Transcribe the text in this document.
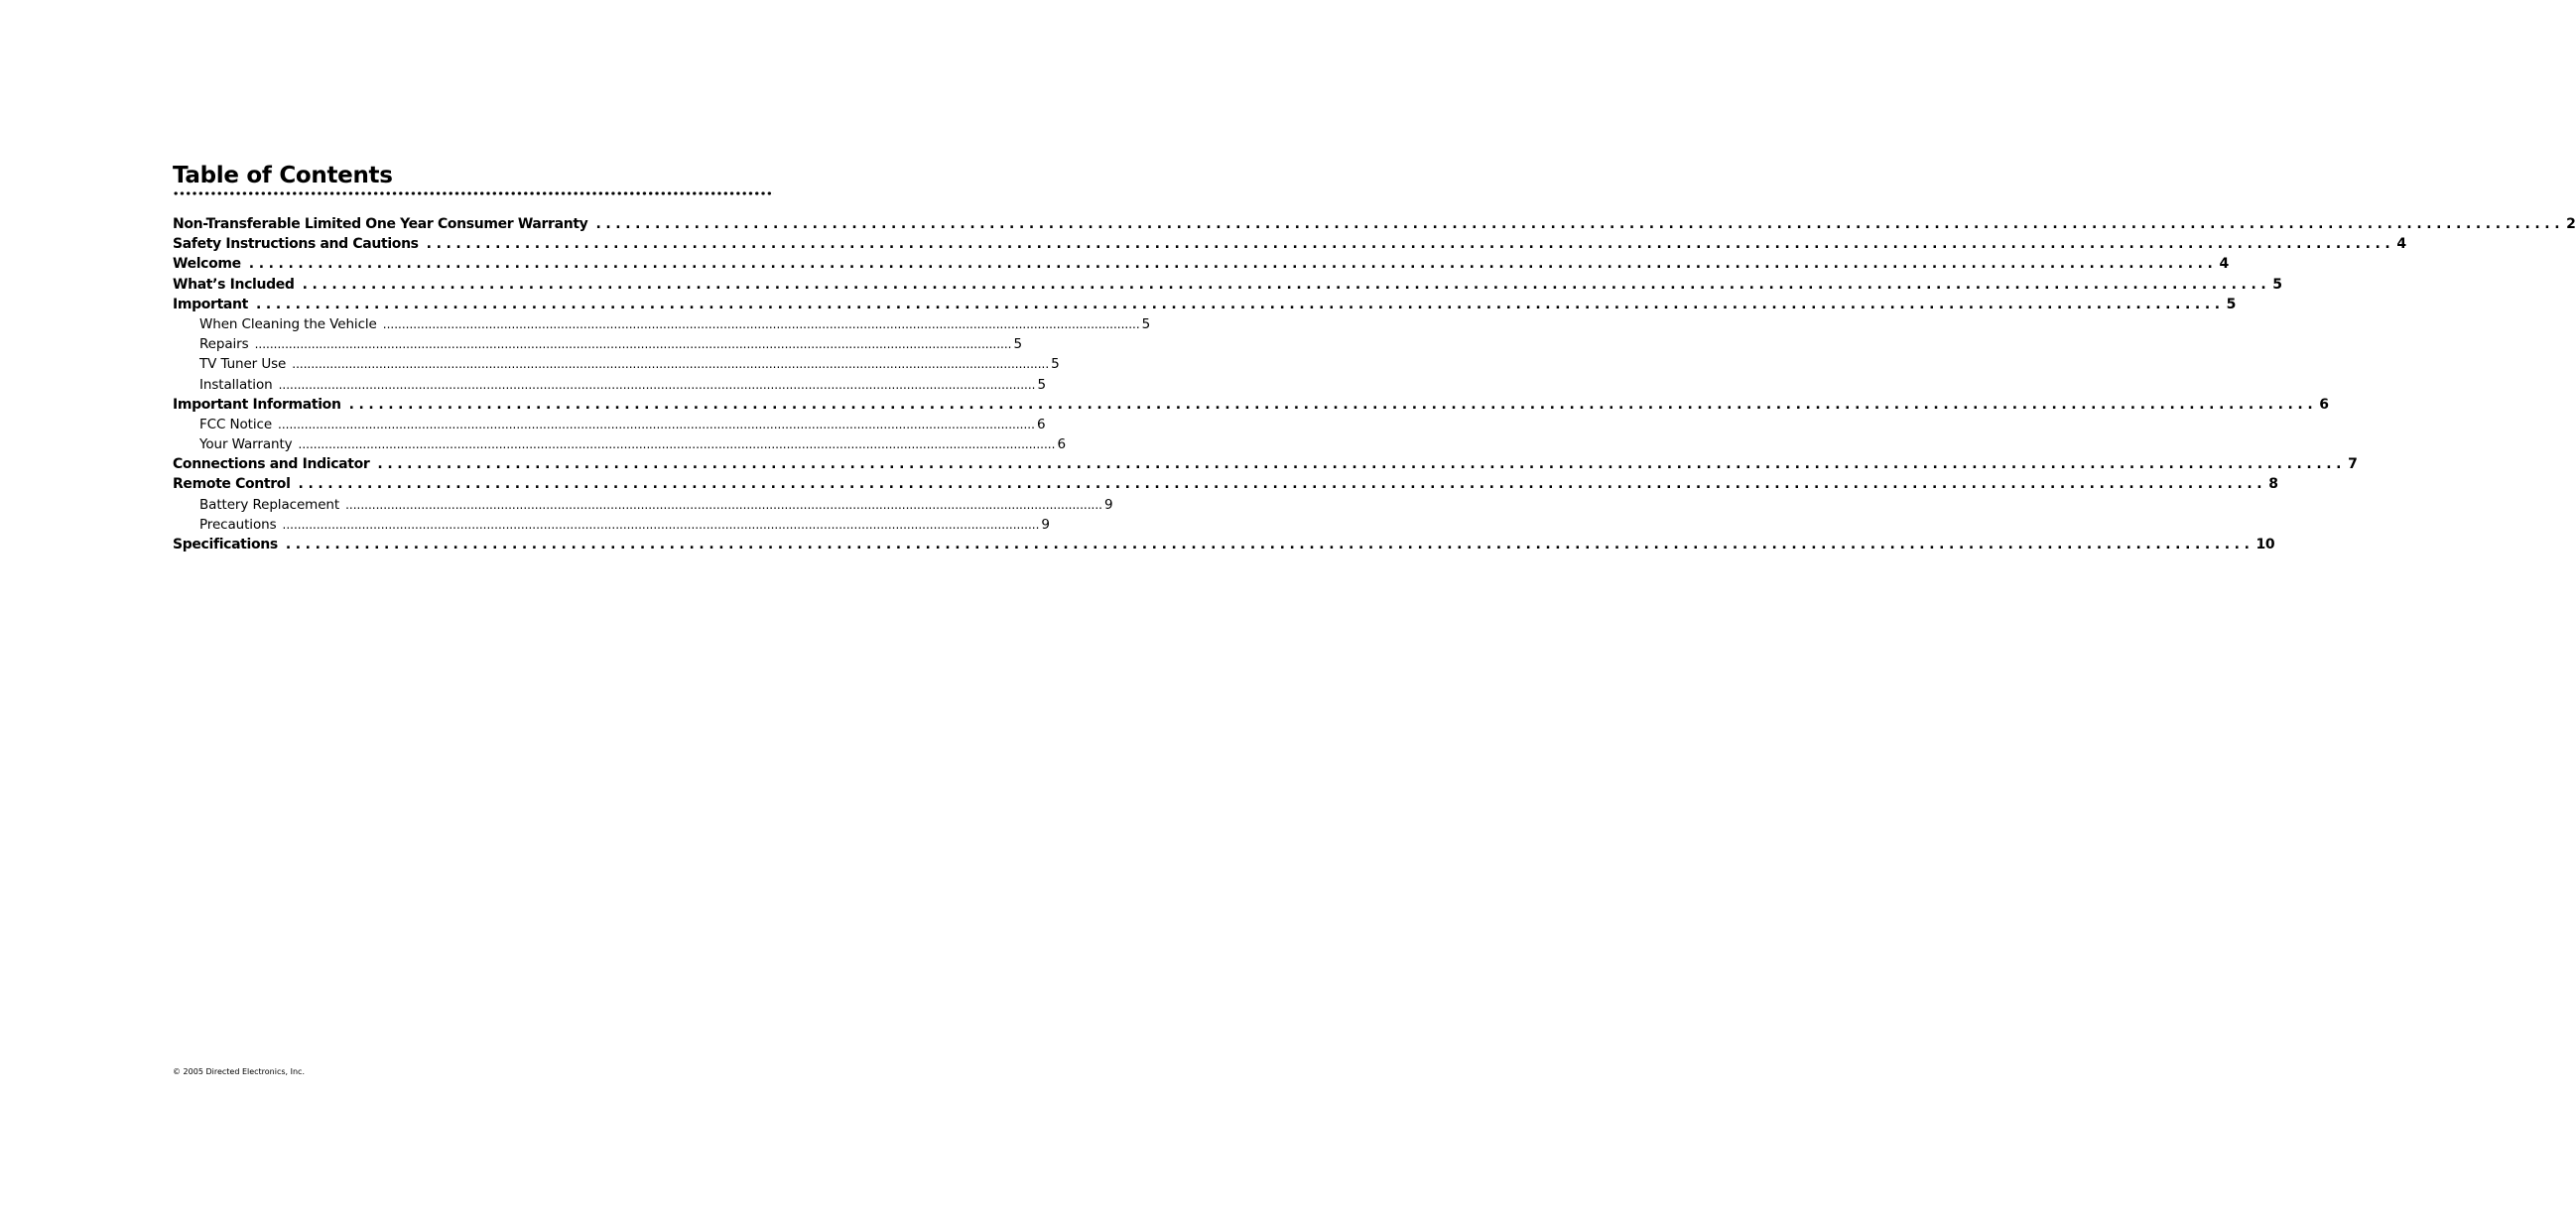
Table of Contents
Non-Transferable Limited One Year Consumer Warranty ........................................................................................................................................................................................................ 2
Safety Instructions and Cautions ........................................................................................................................................................................................................ 4
Welcome ........................................................................................................................................................................................................ 4
What’s Included ........................................................................................................................................................................................................ 5
Important ........................................................................................................................................................................................................ 5
When Cleaning the Vehicle ........................................................................................................................................................................................................ 5
Repairs ........................................................................................................................................................................................................ 5
TV Tuner Use ........................................................................................................................................................................................................ 5
Installation ........................................................................................................................................................................................................ 5
Important Information ........................................................................................................................................................................................................ 6
FCC Notice ........................................................................................................................................................................................................ 6
Your Warranty ........................................................................................................................................................................................................ 6
Connections and Indicator ........................................................................................................................................................................................................ 7
Remote Control ........................................................................................................................................................................................................ 8
Battery Replacement ........................................................................................................................................................................................................ 9
Precautions ........................................................................................................................................................................................................ 9
Specifications ........................................................................................................................................................................................................ 10
© 2005 Directed Electronics, Inc.
